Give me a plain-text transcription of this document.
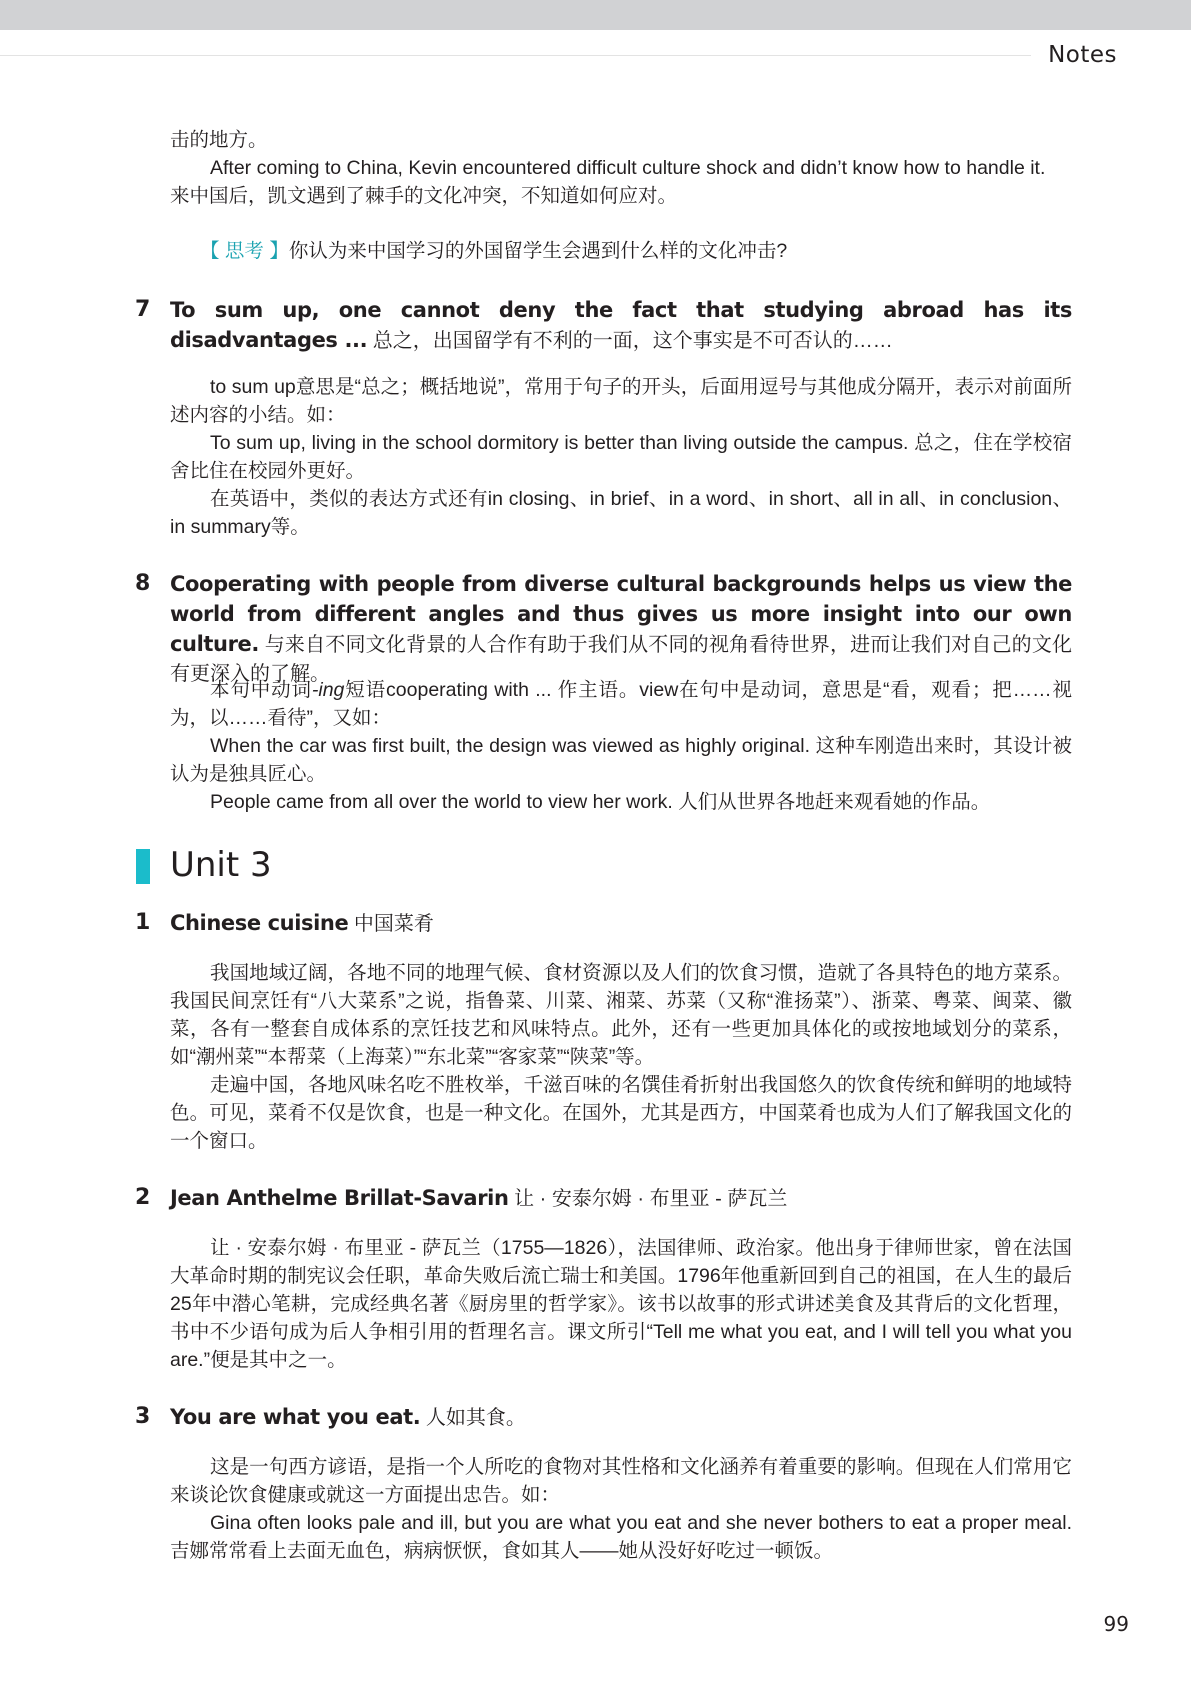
Notes

击的地方。

After coming to China, Kevin encountered difficult culture shock and didn’t know how to handle it.

来中国后，凯文遇到了棘手的文化冲突，不知道如何应对。

【 思考 】你认为来中国学习的外国留学生会遇到什么样的文化冲击?

7 To sum up, one cannot deny the fact that studying abroad has its disadvantages ... 总之，出国留学有不利的一面，这个事实是不可否认的……

to sum up意思是“总之；概括地说”，常用于句子的开头，后面用逗号与其他成分隔开，表示对前面所述内容的小结。如：

To sum up, living in the school dormitory is better than living outside the campus. 总之，住在学校宿舍比住在校园外更好。

在英语中，类似的表达方式还有in closing、in brief、in a word、in short、all in all、in conclusion、in summary等。

8 Cooperating with people from diverse cultural backgrounds helps us view the world from different angles and thus gives us more insight into our own culture. 与来自不同文化背景的人合作有助于我们从不同的视角看待世界，进而让我们对自己的文化有更深入的了解。

本句中动词-ing短语cooperating with ... 作主语。view在句中是动词，意思是“看，观看；把……视为，以……看待”，又如：

When the car was first built, the design was viewed as highly original. 这种车刚造出来时，其设计被认为是独具匠心。

People came from all over the world to view her work. 人们从世界各地赶来观看她的作品。

Unit 3
1 Chinese cuisine 中国菜肴

我国地域辽阔，各地不同的地理气候、食材资源以及人们的饮食习惯，造就了各具特色的地方菜系。我国民间烹饪有“八大菜系”之说，指鲁菜、川菜、湘菜、苏菜（又称“淮扬菜”）、浙菜、粤菜、闽菜、徽菜，各有一整套自成体系的烹饪技艺和风味特点。此外，还有一些更加具体化的或按地域划分的菜系，如“潮州菜”“本帮菜（上海菜）”“东北菜”“客家菜”“陕菜”等。

走遍中国，各地风味名吃不胜枚举，千滋百味的名馔佳肴折射出我国悠久的饮食传统和鲜明的地域特色。可见，菜肴不仅是饮食，也是一种文化。在国外，尤其是西方，中国菜肴也成为人们了解我国文化的一个窗口。

2 Jean Anthelme Brillat-Savarin 让 · 安泰尔姆 · 布里亚 - 萨瓦兰

让 · 安泰尔姆 · 布里亚 - 萨瓦兰（1755—1826），法国律师、政治家。他出身于律师世家，曾在法国大革命时期的制宪议会任职，革命失败后流亡瑞士和美国。1796年他重新回到自己的祖国，在人生的最后25年中潜心笔耕，完成经典名著《厨房里的哲学家》。该书以故事的形式讲述美食及其背后的文化哲理，书中不少语句成为后人争相引用的哲理名言。课文所引“Tell me what you eat, and I will tell you what you are.”便是其中之一。

3 You are what you eat. 人如其食。

这是一句西方谚语，是指一个人所吃的食物对其性格和文化涵养有着重要的影响。但现在人们常用它来谈论饮食健康或就这一方面提出忠告。如：

Gina often looks pale and ill, but you are what you eat and she never bothers to eat a proper meal. 吉娜常常看上去面无血色，病病恹恹，食如其人——她从没好好吃过一顿饭。

99
